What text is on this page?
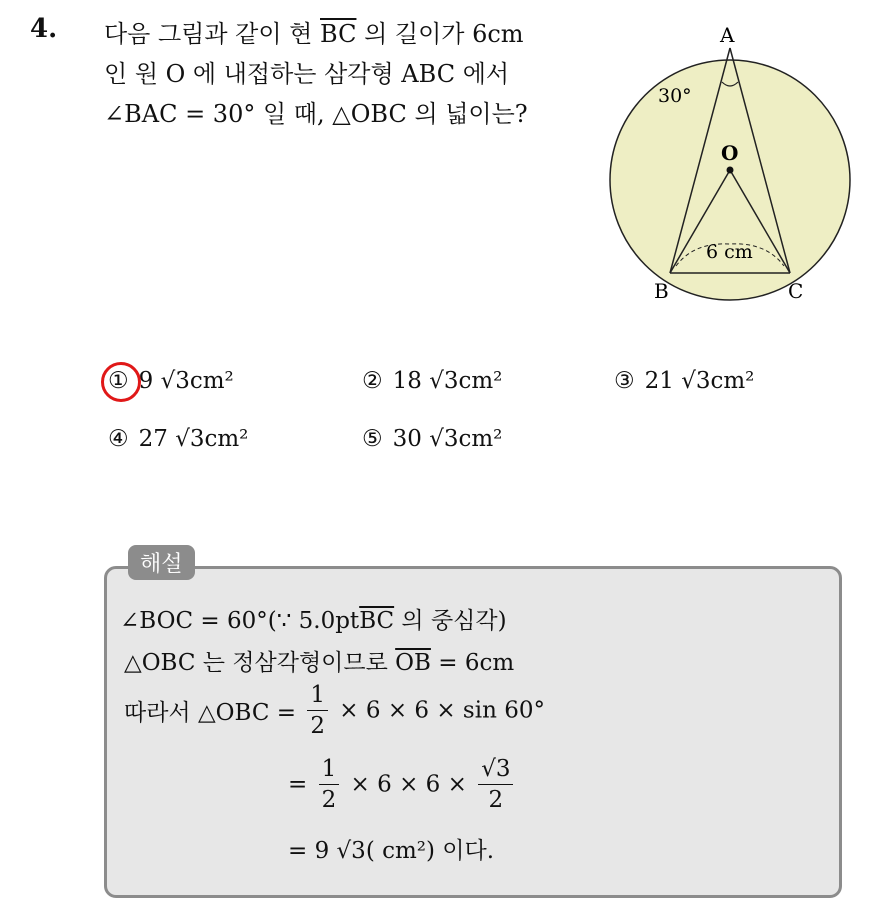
4. 다음 그림과 같이 현 $\overline{BC}$ 의 길이가 6cm
인 원 O 에 내접하는 삼각형 ABC 에서
∠BAC = 30° 일 때, △OBC 의 넓이는?
A
O
B	C
30°
6 cm
① 9 √3cm²	② 18 √3cm²	③ 21 √3cm²
④ 27 √3cm²	⑤ 30 √3cm²
해설
∠BOC = 60°(∵ $5.0pt\overline{BC}$ 의 중심각)
△OBC 는 정삼각형이므로 $\overline{OB} = 6cm$
따라서 △OBC = $\frac{1}{2} \times 6 \times 6 \times \sin 60^\circ$
= $\frac{1}{2} \times 6 \times 6 \times \frac{√3}{2}$
= 9 √3( cm²) 이다.
